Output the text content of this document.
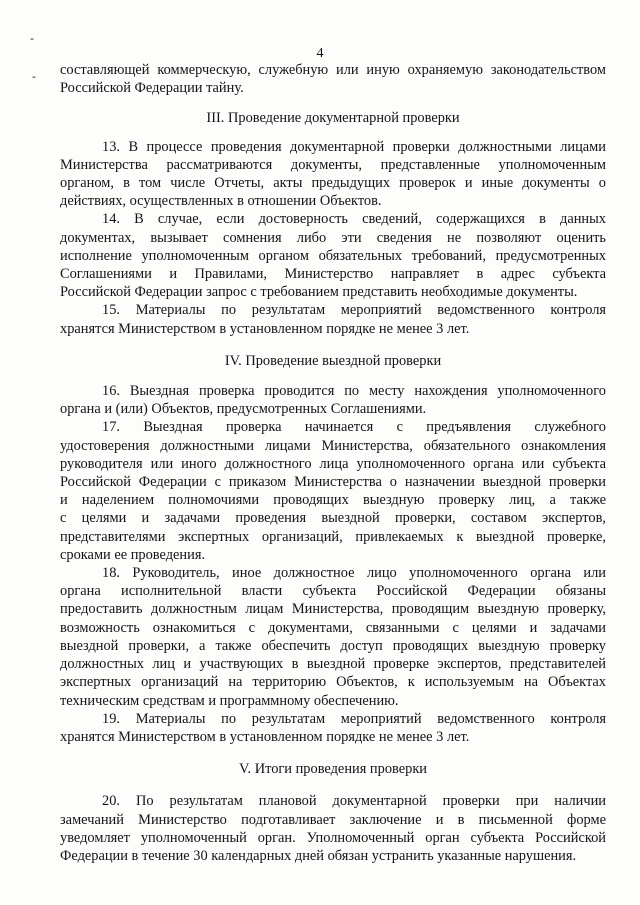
-
-
4
составляющей коммерческую, служебную или иную охраняемую законодательством
Российской Федерации тайну.
III. Проведение документарной проверки
13. В процессе проведения документарной проверки должностными лицами
Министерства рассматриваются документы, представленные уполномоченным
органом, в том числе Отчеты, акты предыдущих проверок и иные документы о
действиях, осуществленных в отношении Объектов.
14. В случае, если достоверность сведений, содержащихся в данных
документах, вызывает сомнения либо эти сведения не позволяют оценить
исполнение уполномоченным органом обязательных требований, предусмотренных
Соглашениями и Правилами, Министерство направляет в адрес субъекта
Российской Федерации запрос с требованием представить необходимые документы.
15. Материалы по результатам мероприятий ведомственного контроля
хранятся Министерством в установленном порядке не менее 3 лет.
IV. Проведение выездной проверки
16. Выездная проверка проводится по месту нахождения уполномоченного
органа и (или) Объектов, предусмотренных Соглашениями.
17. Выездная проверка начинается с предъявления служебного
удостоверения должностными лицами Министерства, обязательного ознакомления
руководителя или иного должностного лица уполномоченного органа или субъекта
Российской Федерации с приказом Министерства о назначении выездной проверки
и наделением полномочиями проводящих выездную проверку лиц, а также
с целями и задачами проведения выездной проверки, составом экспертов,
представителями экспертных организаций, привлекаемых к выездной проверке,
сроками ее проведения.
18. Руководитель, иное должностное лицо уполномоченного органа или
органа исполнительной власти субъекта Российской Федерации обязаны
предоставить должностным лицам Министерства, проводящим выездную проверку,
возможность ознакомиться с документами, связанными с целями и задачами
выездной проверки, а также обеспечить доступ проводящих выездную проверку
должностных лиц и участвующих в выездной проверке экспертов, представителей
экспертных организаций на территорию Объектов, к используемым на Объектах
техническим средствам и программному обеспечению.
19. Материалы по результатам мероприятий ведомственного контроля
хранятся Министерством в установленном порядке не менее 3 лет.
V. Итоги проведения проверки
20. По результатам плановой документарной проверки при наличии
замечаний Министерство подготавливает заключение и в письменной форме
уведомляет уполномоченный орган. Уполномоченный орган субъекта Российской
Федерации в течение 30 календарных дней обязан устранить указанные нарушения.
